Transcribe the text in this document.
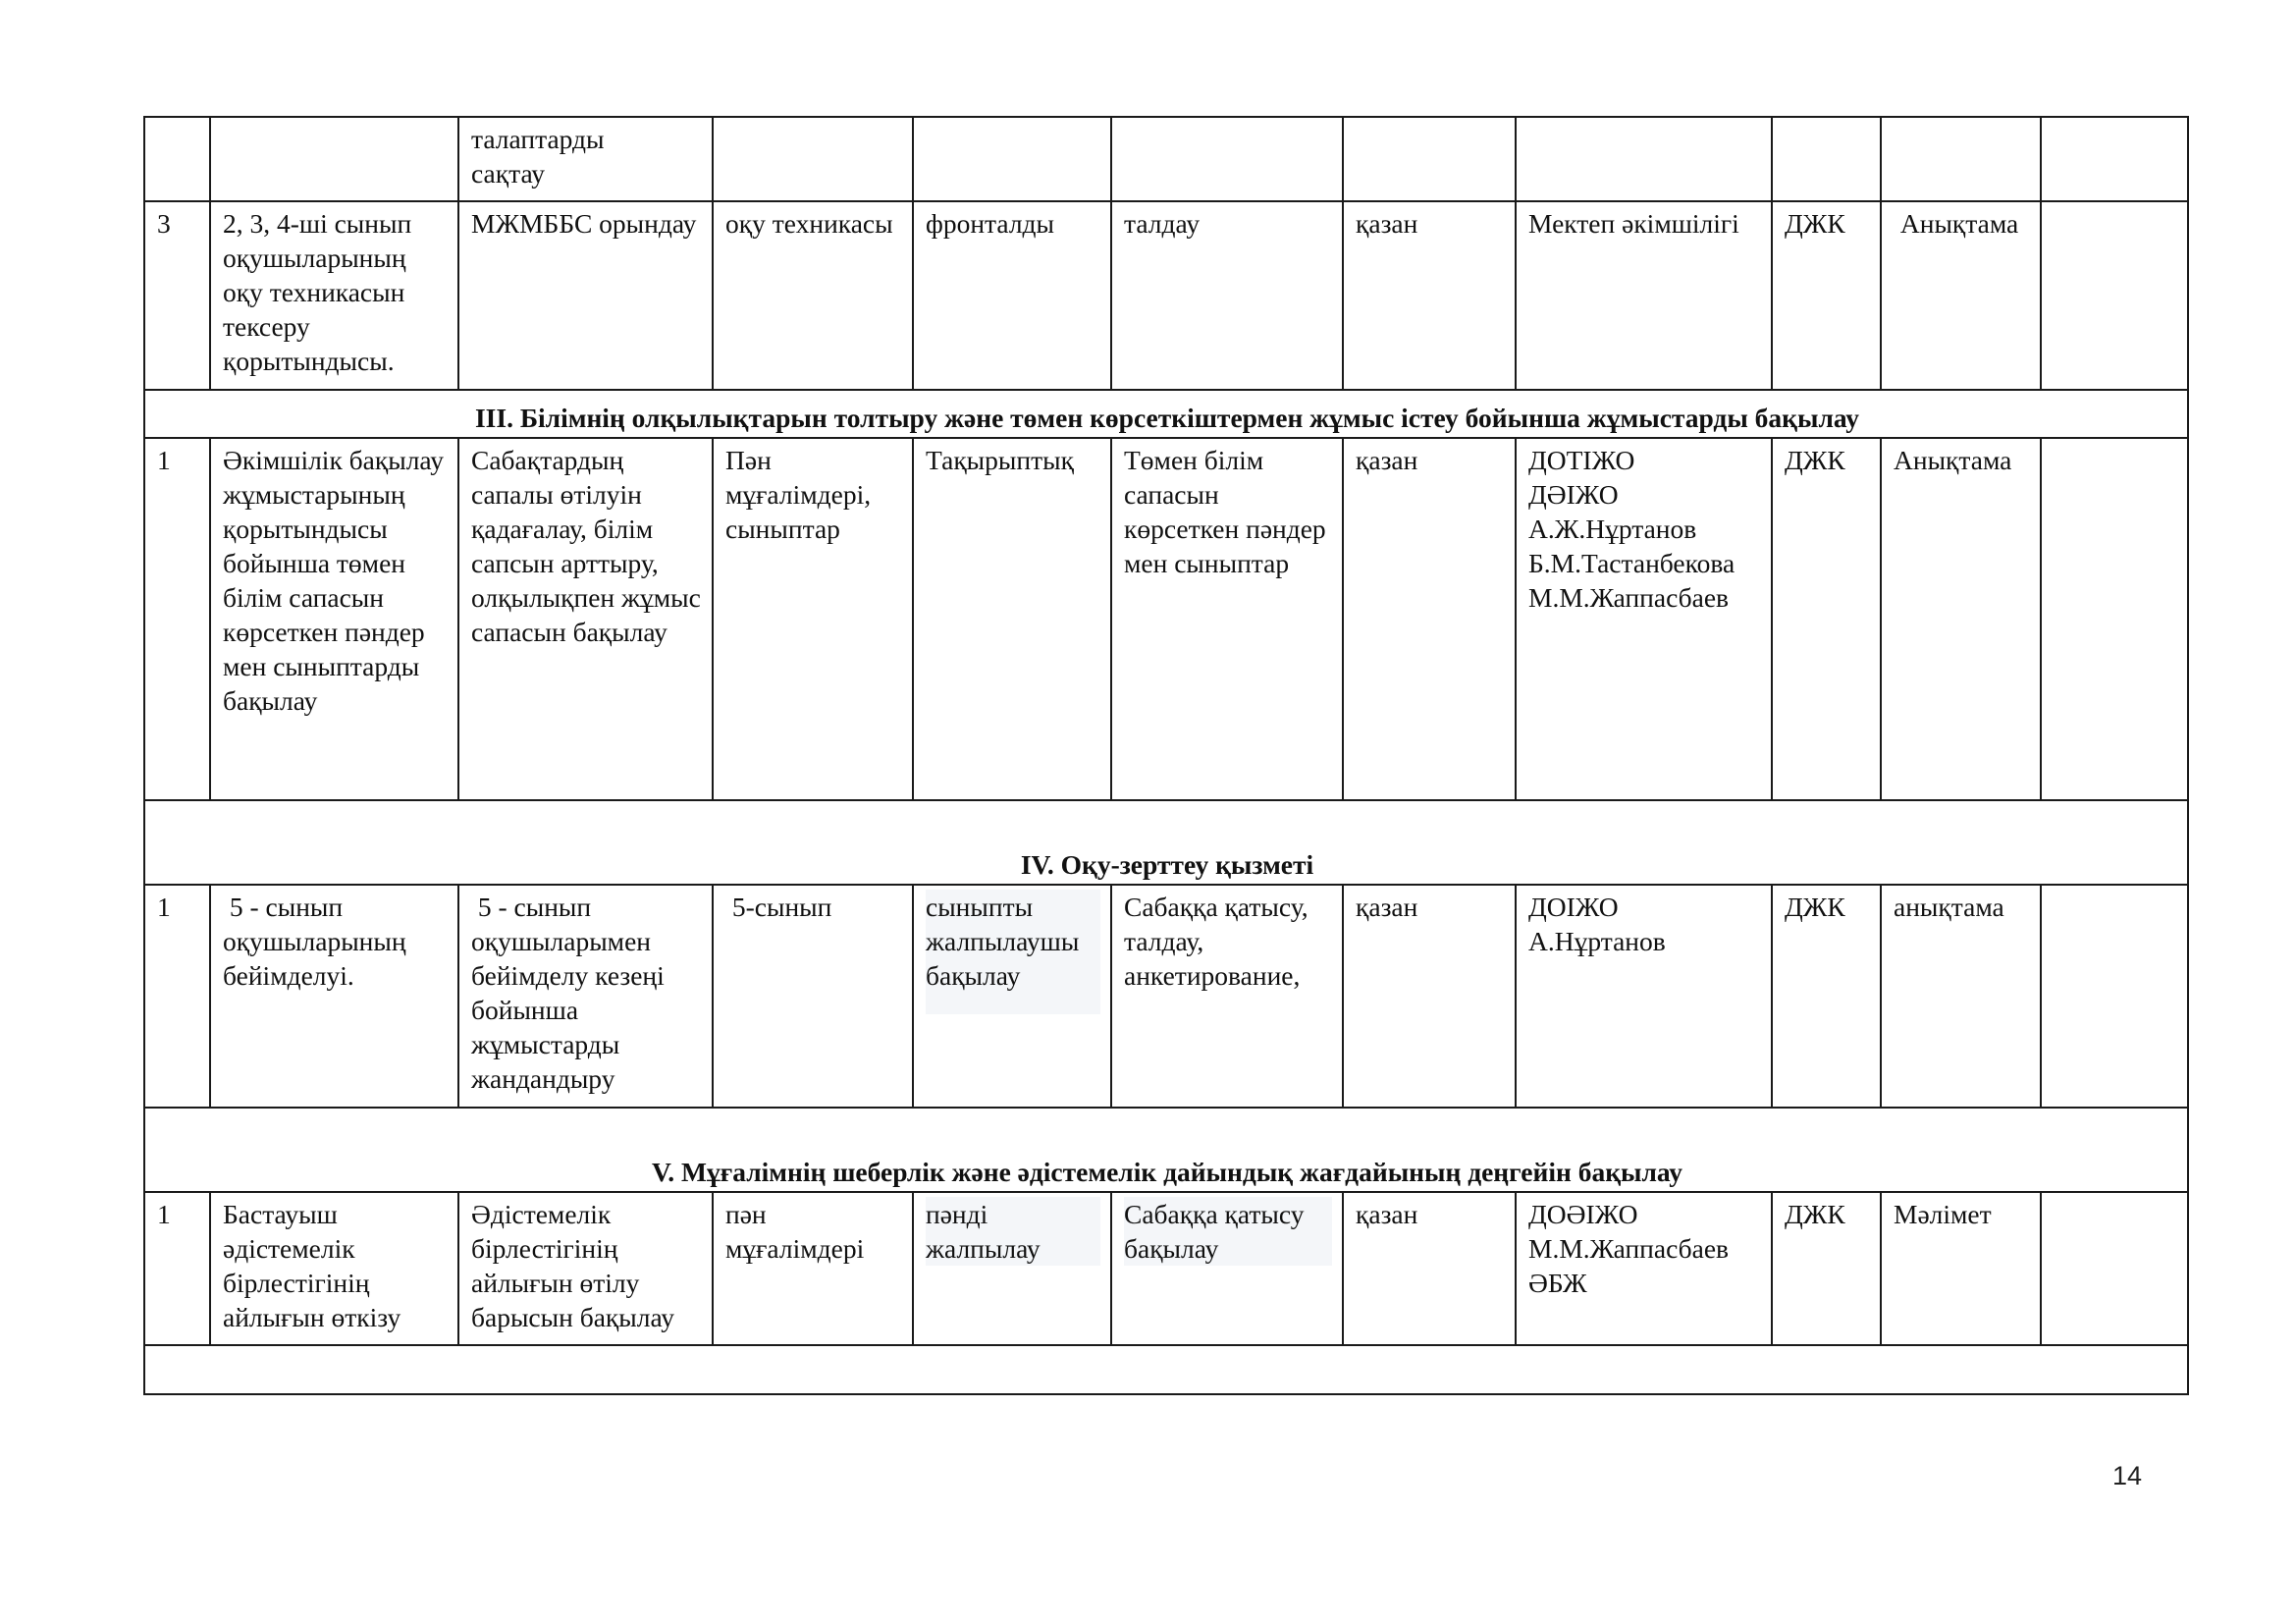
		талаптарды
сақтау								
3	2, 3, 4-ші сынып оқушыларының оқу техникасын тексеру қорытындысы.	МЖМББС орындау	оқу техникасы	фронталды	талдау	қазан	Мектеп әкімшілігі	ДЖК	Анықтама	
ІІІ. Білімнің олқылықтарын толтыру және төмен көрсеткіштермен жұмыс істеу бойынша жұмыстарды бақылау										
1	Әкімшілік бақылау жұмыстарының қорытындысы бойынша төмен білім сапасын көрсеткен пәндер мен сыныптарды бақылау	Сабақтардың сапалы өтілуін қадағалау, білім сапсын арттыру, олқылықпен жұмыс сапасын бақылау	Пән мұғалімдері, сыныптар	Тақырыптық	Төмен білім сапасын көрсеткен пәндер мен сыныптар	қазан	ДОТІЖО
ДӘІЖО
А.Ж.Нұртанов
Б.М.Тастанбекова
М.М.Жаппасбаев	ДЖК	Анықтама	
ІV. Оқу-зерттеу қызметі										
1	5 - сынып оқушыларының бейімделуі.	5 - сынып оқушыларымен бейімделу кезеңі бойынша жұмыстарды жандандыру	5-сынып	сыныпты жалпылаушы бақылау	Сабаққа қатысу, талдау, анкетирование,	қазан	ДОІЖО
А.Нұртанов	ДЖК	анықтама	
V. Мұғалімнің шеберлік және әдістемелік дайындық жағдайының деңгейін бақылау										
1	Бастауыш әдістемелік бірлестігінің айлығын өткізу	Әдістемелік бірлестігінің айлығын өтілу барысын бақылау	пән мұғалімдері	пәнді жалпылау	Сабаққа қатысу бақылау	қазан	ДОӘІЖО
М.М.Жаппасбаев
ӘБЖ	ДЖК	Мәлімет	

14
